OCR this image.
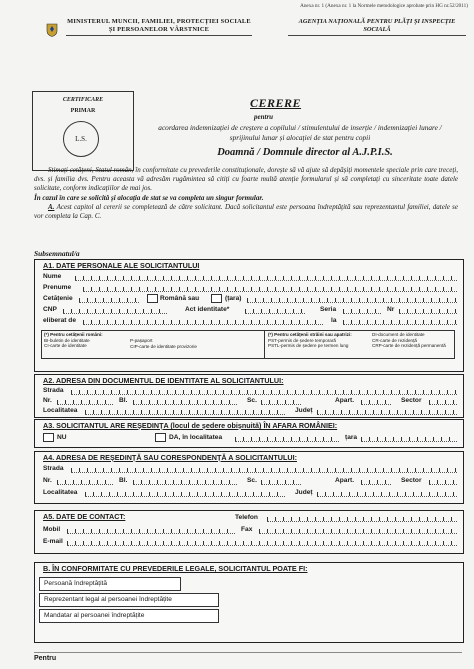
Anexa nr. 1 (Anexa nr. 1 la Normele metodologice aprobate prin HG nr.52/2011)
MINISTERUL MUNCII, FAMILIEI, PROTECȚIEI SOCIALE ȘI PERSOANELOR VÂRSTNICE
AGENȚIA NAȚIONALĂ PENTRU PLĂȚI ȘI INSPECȚIE SOCIALĂ
CERTIFICARE
PRIMAR
L.S.
CERERE
pentru
acordarea indemnizației de creștere a copilului / stimulentului de inserție / indemnizației lunare / sprijinului lunar și alocației de stat pentru copii
Doamnă / Domnule director al A.J.P.I.S.

Stimați cetățeni, Statul român, în conformitate cu prevederile constituționale, dorește să vă ajute să depășiți momentele speciale prin care treceți, dvs. și familia dvs. Pentru aceasta vă adresăm rugămintea să citiți cu foarte multă atenție formularul și să completați cu sinceritate toate datele solicitate, conform indicațiilor de mai jos.

În cazul în care se solicită și alocația de stat se va completa un singur formular.

A. Acest capitol al cererii se completează de către solicitant. Dacă solicitantul este persoana îndreptățită sau reprezentantul familiei, datele se vor completa la Cap. C.

Subsemnatul/a
A1. DATE PERSONALE ALE SOLICITANTULUI
Nume
Prenume
Cetățenie	Română sau	(țara)
CNP	Act identitate*	Seria	Nr
eliberat de	la
(*) Pentru cetățenii români:
BI-buletin de identitate
CI-carte de identitate
P-pașaport
CIP-carte de identitate provizorie
(*) Pentru cetățenii străini sau apatrizi:
PST-permis de ședere temporară
PSTL-permis de ședere pe termen lung
DI-document de identitate
CR-carte de rezidență
CRP-carte de rezidență permanentă
A2. ADRESA DIN DOCUMENTUL DE IDENTITATE AL SOLICITANTULUI:
Strada
Nr.	Bl.	Sc.	Apart.	Sector
Localitatea	Județ
A3. SOLICITANTUL ARE REȘEDINȚA (locul de ședere obișnuită) ÎN AFARA ROMÂNIEI:
NU	DA, în localitatea	țara
A4. ADRESA DE REȘEDINȚĂ SAU CORESPONDENȚĂ A SOLICITANTULUI:
Strada
Nr.	Bl.	Sc.	Apart.	Sector
Localitatea	Județ
A5. DATE DE CONTACT:	Telefon
Mobil	Fax
E-mail
B. ÎN CONFORMITATE CU PREVEDERILE LEGALE, SOLICITANTUL POATE FI:
Persoană îndreptățită
Reprezentant legal al persoanei îndreptățite
Mandatar al persoanei îndreptățite
Pentru
